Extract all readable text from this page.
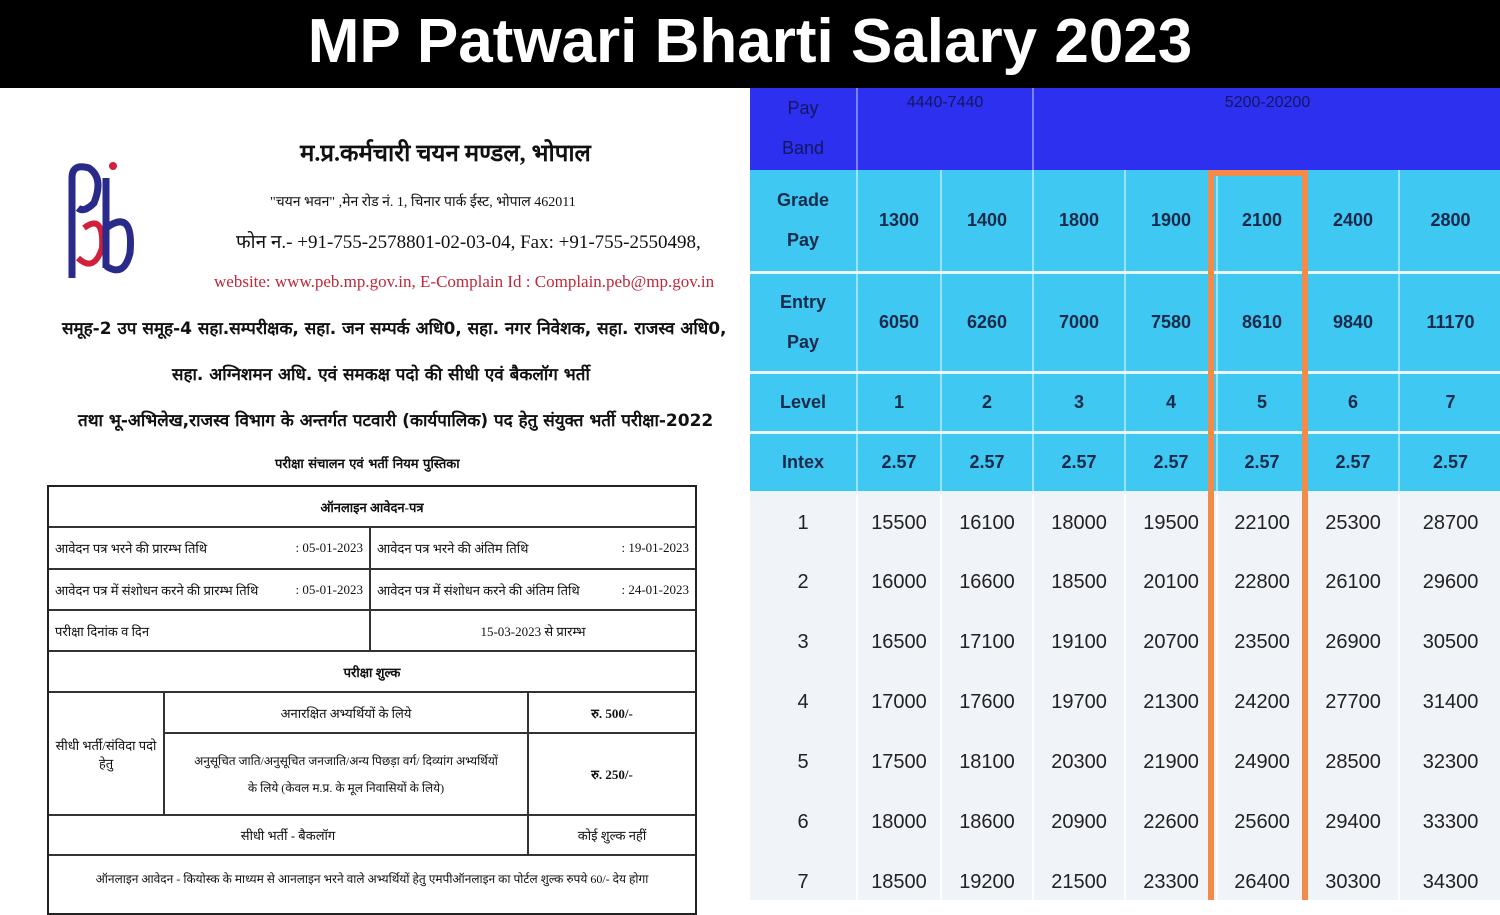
MP Patwari Bharti Salary 2023
म.प्र.कर्मचारी चयन मण्डल, भोपाल
"चयन भवन" ,मेन रोड नं. 1, चिनार पार्क ईस्ट, भोपाल 462011
फोन न.- +91-755-2578801-02-03-04, Fax: +91-755-2550498,
website: www.peb.mp.gov.in, E-Complain Id : Complain.peb@mp.gov.in
समूह-2 उप समूह-4 सहा.सम्परीक्षक, सहा. जन सम्पर्क अधि0, सहा. नगर निवेशक, सहा. राजस्व अधि0,
सहा. अग्निशमन अधि. एवं समकक्ष पदो की सीधी एवं बैकलॉग भर्ती
तथा भू-अभिलेख,राजस्व विभाग के अन्तर्गत पटवारी (कार्यपालिक) पद हेतु संयुक्त भर्ती परीक्षा-2022
परीक्षा संचालन एवं भर्ती नियम पुस्तिका
ऑनलाइन आवेदन-पत्र
आवेदन पत्र भरने की प्रारम्भ तिथि	: 05-01-2023 आवेदन पत्र भरने की अंतिम तिथि	: 19-01-2023
आवेदन पत्र में संशोधन करने की प्रारम्भ तिथि	: 05-01-2023 आवेदन पत्र में संशोधन करने की अंतिम तिथि	: 24-01-2023
परीक्षा दिनांक व दिन	15-03-2023 से प्रारम्भ
परीक्षा शुल्क
सीधी भर्ती/संविदा पदो हेतु
अनारक्षित अभ्यर्थियों के लिये	रु. 500/-
अनुसूचित जाति/अनुसूचित जनजाति/अन्य पिछड़ा वर्ग/ दिव्यांग अभ्यर्थियों
के लिये (केवल म.प्र. के मूल निवासियों के लिये)
रु. 250/-
सीधी भर्ती - बैकलॉग	कोई शुल्क नहीं
ऑनलाइन आवेदन - कियोस्क के माध्यम से आनलाइन भरने वाले अभ्यर्थियों हेतु एमपीऑनलाइन का पोर्टल शुल्क रुपये 60/- देय होगा
Pay Band	4440-7440		5200-20200				
Grade Pay	1300	1400	1800	1900	2100	2400	2800
Entry Pay	6050	6260	7000	7580	8610	9840	11170
Level	1	2	3	4	5	6	7
Intex	2.57	2.57	2.57	2.57	2.57	2.57	2.57
1	15500	16100	18000	19500	22100	25300	28700
2	16000	16600	18500	20100	22800	26100	29600
3	16500	17100	19100	20700	23500	26900	30500
4	17000	17600	19700	21300	24200	27700	31400
5	17500	18100	20300	21900	24900	28500	32300
6	18000	18600	20900	22600	25600	29400	33300
7	18500	19200	21500	23300	26400	30300	34300
